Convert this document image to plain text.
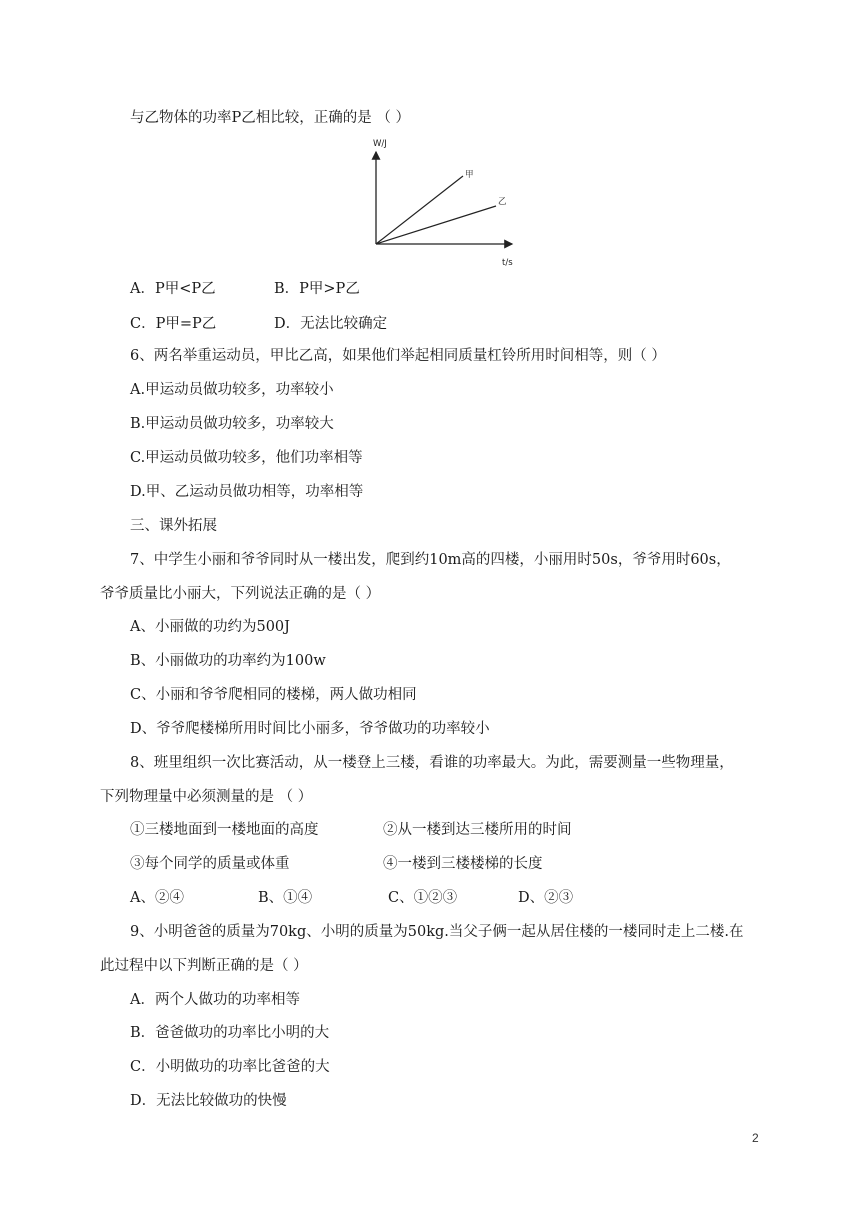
与乙物体的功率P乙相比较，正确的是 （ ）
W/J
t/s
甲
乙
A．P甲<P乙	B．P甲>P乙
C．P甲=P乙	D．无法比较确定
6、两名举重运动员，甲比乙高，如果他们举起相同质量杠铃所用时间相等，则（ ）
A.甲运动员做功较多，功率较小
B.甲运动员做功较多，功率较大
C.甲运动员做功较多，他们功率相等
D.甲、乙运动员做功相等，功率相等
三、课外拓展
7、中学生小丽和爷爷同时从一楼出发，爬到约10m高的四楼，小丽用时50s，爷爷用时60s，
爷爷质量比小丽大，下列说法正确的是（ ）
A、小丽做的功约为500J
B、小丽做功的功率约为100w
C、小丽和爷爷爬相同的楼梯，两人做功相同
D、爷爷爬楼梯所用时间比小丽多，爷爷做功的功率较小
8、班里组织一次比赛活动，从一楼登上三楼，看谁的功率最大。为此，需要测量一些物理量，
下列物理量中必须测量的是 （ ）
①三楼地面到一楼地面的高度	②从一楼到达三楼所用的时间
③每个同学的质量或体重	④一楼到三楼楼梯的长度
A、②④	B、①④	C、①②③	D、②③
9、小明爸爸的质量为70kg、小明的质量为50kg.当父子俩一起从居住楼的一楼同时走上二楼.在
此过程中以下判断正确的是（ ）
A．两个人做功的功率相等
B．爸爸做功的功率比小明的大
C．小明做功的功率比爸爸的大
D．无法比较做功的快慢
2
